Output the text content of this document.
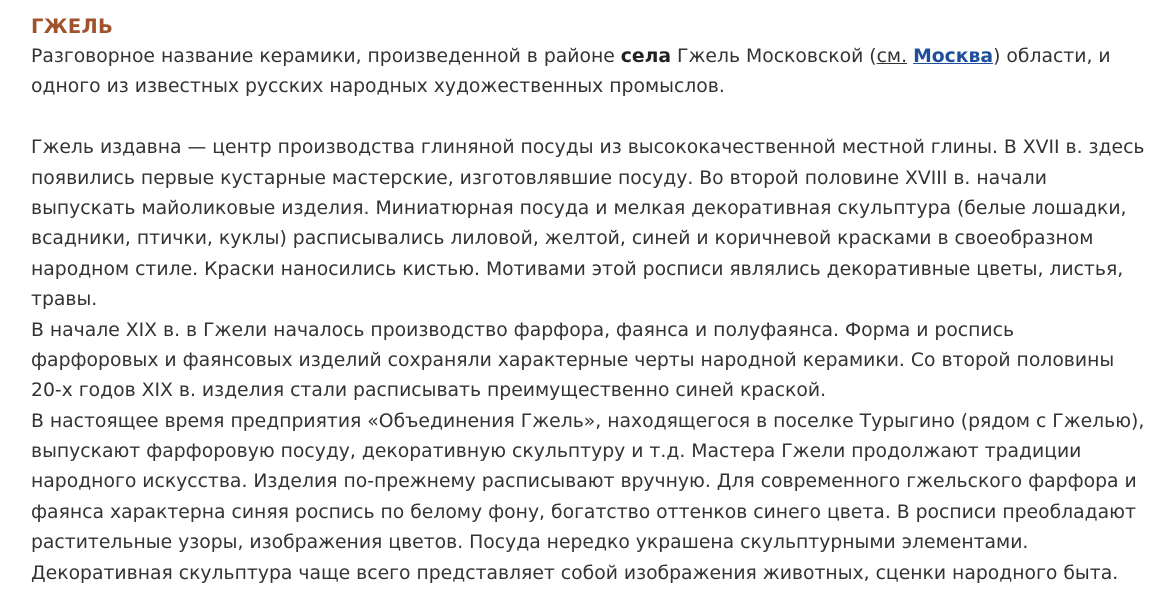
ГЖЕЛЬ
Разговорное название керамики, произведенной в районе села Гжель Московской (см. Москва) области, и
одного из известных русских народных художественных промыслов.
Гжель издавна — центр производства глиняной посуды из высококачественной местной глины. В XVII в. здесь
появились первые кустарные мастерские, изготовлявшие посуду. Во второй половине XVIII в. начали
выпускать майоликовые изделия. Миниатюрная посуда и мелкая декоративная скульптура (белые лошадки,
всадники, птички, куклы) расписывались лиловой, желтой, синей и коричневой красками в своеобразном
народном стиле. Краски наносились кистью. Мотивами этой росписи являлись декоративные цветы, листья,
травы.
В начале XIX в. в Гжели началось производство фарфора, фаянса и полуфаянса. Форма и роспись
фарфоровых и фаянсовых изделий сохраняли характерные черты народной керамики. Со второй половины
20-х годов XIX в. изделия стали расписывать преимущественно синей краской.
В настоящее время предприятия «Объединения Гжель», находящегося в поселке Турыгино (рядом с Гжелью),
выпускают фарфоровую посуду, декоративную скульптуру и т.д. Мастера Гжели продолжают традиции
народного искусства. Изделия по-прежнему расписывают вручную. Для современного гжельского фарфора и
фаянса характерна синяя роспись по белому фону, богатство оттенков синего цвета. В росписи преобладают
растительные узоры, изображения цветов. Посуда нередко украшена скульптурными элементами.
Декоративная скульптура чаще всего представляет собой изображения животных, сценки народного быта.
